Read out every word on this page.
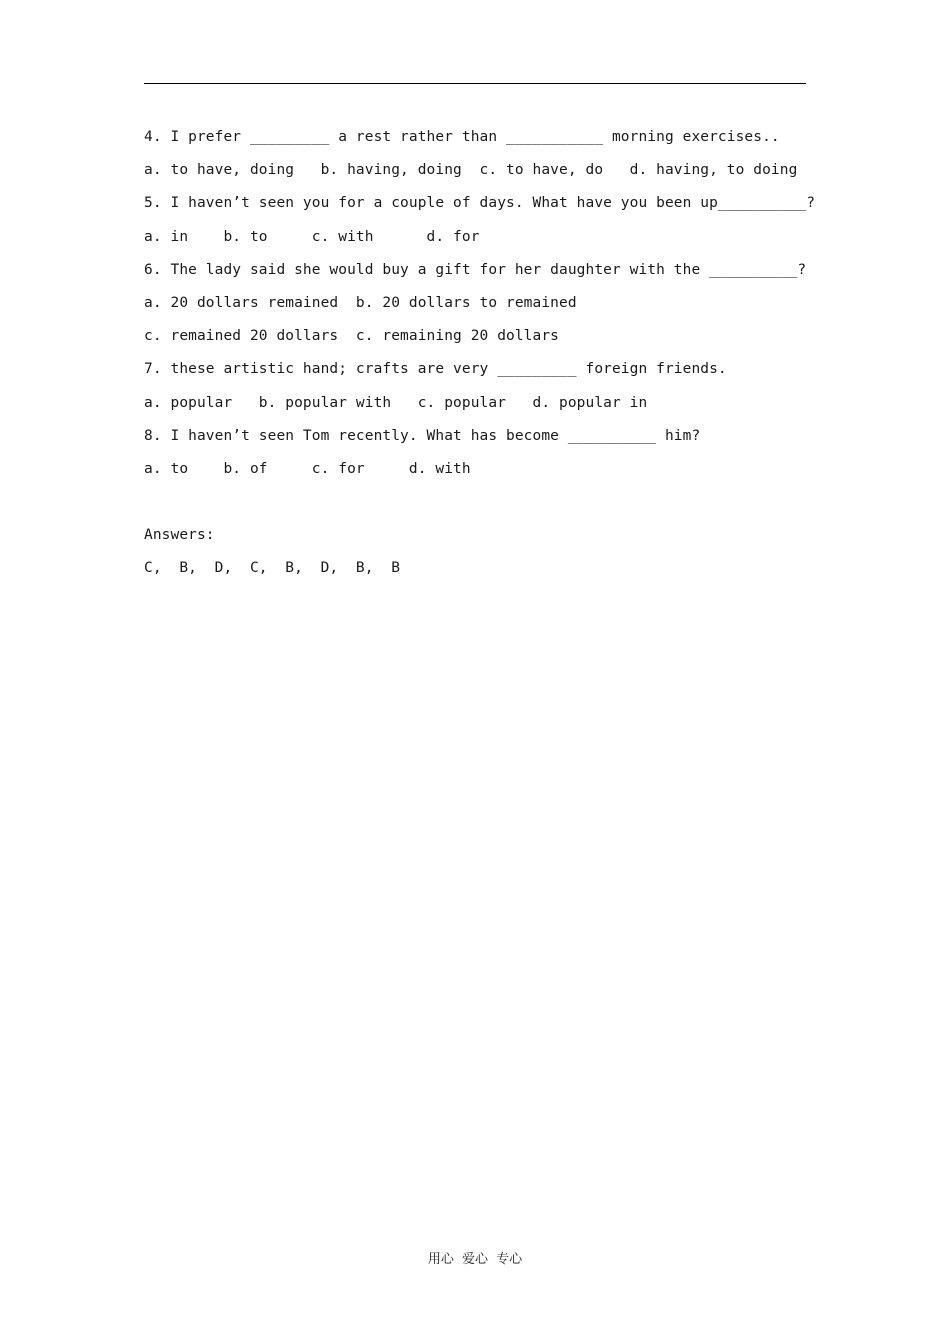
4. I prefer _________ a rest rather than ___________ morning exercises..
a. to have, doing   b. having, doing  c. to have, do   d. having, to doing
5. I haven’t seen you for a couple of days. What have you been up__________?
a. in    b. to     c. with      d. for
6. The lady said she would buy a gift for her daughter with the __________?
a. 20 dollars remained  b. 20 dollars to remained
c. remained 20 dollars  c. remaining 20 dollars
7. these artistic hand; crafts are very _________ foreign friends.
a. popular   b. popular with   c. popular   d. popular in
8. I haven’t seen Tom recently. What has become __________ him?
a. to    b. of     c. for     d. with
Answers:
C,  B,  D,  C,  B,  D,  B,  B
用心 爱心 专心
